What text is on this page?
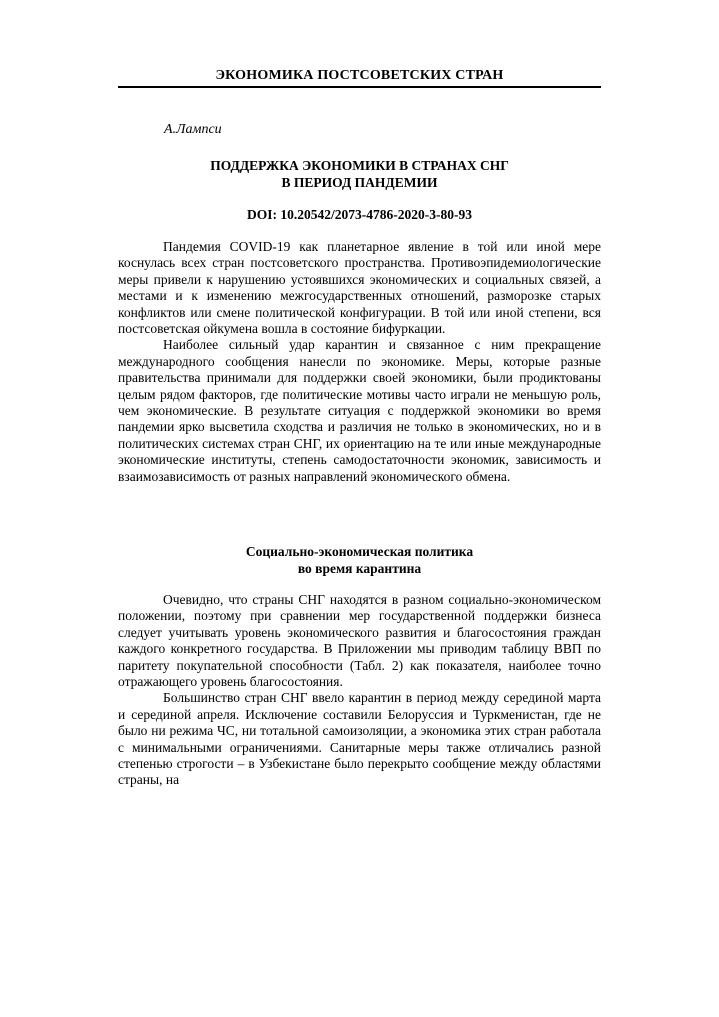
ЭКОНОМИКА ПОСТСОВЕТСКИХ СТРАН
А.Лампси
ПОДДЕРЖКА ЭКОНОМИКИ В СТРАНАХ СНГ
В ПЕРИОД ПАНДЕМИИ
DOI: 10.20542/2073-4786-2020-3-80-93

Пандемия COVID-19 как планетарное явление в той или иной мере коснулась всех стран постсоветского пространства. Противоэпидемиологические меры привели к нарушению устоявшихся экономических и социальных связей, а местами и к изменению межгосударственных отношений, разморозке старых конфликтов или смене политической конфигурации. В той или иной степени, вся постсоветская ойкумена вошла в состояние бифуркации.

Наиболее сильный удар карантин и связанное с ним прекращение международного сообщения нанесли по экономике. Меры, которые разные правительства принимали для поддержки своей экономики, были продиктованы целым рядом факторов, где политические мотивы часто играли не меньшую роль, чем экономические. В результате ситуация с поддержкой экономики во время пандемии ярко высветила сходства и различия не только в экономических, но и в политических системах стран СНГ, их ориентацию на те или иные международные экономические институты, степень самодостаточности экономик, зависимость и взаимозависимость от разных направлений экономического обмена.

Социально-экономическая политика
во время карантина

Очевидно, что страны СНГ находятся в разном социально-экономическом положении, поэтому при сравнении мер государственной поддержки бизнеса следует учитывать уровень экономического развития и благосостояния граждан каждого конкретного государства. В Приложении мы приводим таблицу ВВП по паритету покупательной способности (Табл. 2) как показателя, наиболее точно отражающего уровень благосостояния.

Большинство стран СНГ ввело карантин в период между серединой марта и серединой апреля. Исключение составили Белоруссия и Туркменистан, где не было ни режима ЧС, ни тотальной самоизоляции, а экономика этих стран работала с минимальными ограничениями. Санитарные меры также отличались разной степенью строгости – в Узбекистане было перекрыто сообщение между областями страны, на
